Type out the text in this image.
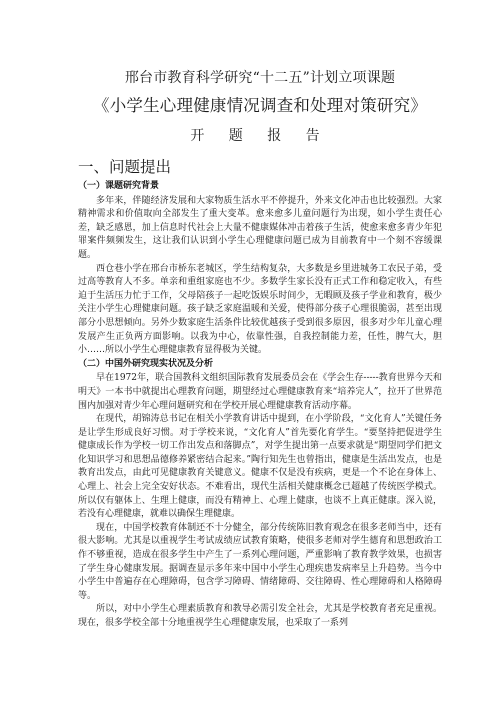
邢台市教育科学研究“十二五”计划立项课题
《小学生心理健康情况调查和处理对策研究》
开 题 报 告
一、问题提出
（一）课题研究背景

多年来，伴随经济发展和大家物质生活水平不停提升，外来文化冲击也比较强烈。大家精神需求和价值取向全部发生了重大变革。愈来愈多儿童问题行为出现，如小学生责任心差，缺乏感恩，加上信息时代社会上大量不健康媒体冲击着孩子生活，使愈来愈多青少年犯罪案件频频发生，这让我们认识到小学生心理健康问题已成为目前教育中一个刻不容缓课题。

西仓巷小学在邢台市桥东老城区，学生结构复杂，大多数是乡里进城务工农民子弟，受过高等教育人不多。单亲和重组家庭也不少。多数学生家长没有正式工作和稳定收入，有些迫于生活压力忙于工作，父母陪孩子一起吃饭娱乐时间少，无暇顾及孩子学业和教育，极少关注小学生心理健康问题。孩子缺乏家庭温暖和关爱，使得部分孩子心理很脆弱，甚至出现部分小思想倾向。另外少数家庭生活条件比较优越孩子受到很多原因，很多对少年儿童心理发展产生正负两方面影响。以我为中心，依靠性强，自我控制能力差，任性，脾气大，胆小……所以小学生心理健康教育显得极为关键。

（二）中国外研究现实状况及分析

早在1972年，联合国教科文组织国际教育发展委员会在《学会生存-----教育世界今天和明天》一本书中就提出心理教育问题，期望经过心理健康教育来“培养完人”，拉开了世界范围内加强对青少年心理问题研究和在学校开展心理健康教育活动序幕。

在现代，胡锦涛总书记在相关小学教育讲话中提到，在小学阶段，“文化育人”关键任务是让学生形成良好习惯。对于学校来说，“文化育人”首先要化育学生。“要坚持把促进学生健康成长作为学校一切工作出发点和落脚点”，对学生提出第一点要求就是“期望同学们把文化知识学习和思想品德修养紧密结合起来。”陶行知先生也曾指出，健康是生活出发点，也是教育出发点，由此可见健康教育关键意义。健康不仅是没有疾病，更是一个不论在身体上、心理上、社会上完全安好状态。不难看出，现代生活相关健康概念已超越了传统医学模式。所以仅有躯体上、生理上健康，而没有精神上、心理上健康，也谈不上真正健康。深入说，若没有心理健康，就难以确保生理健康。

现在，中国学校教育体制还不十分健全，部分传统陈旧教育观念在很多老师当中，还有很大影响。尤其是以重视学生考试成绩应试教育策略，使很多老师对学生德育和思想政治工作不够重视，造成在很多学生中产生了一系列心理问题，严重影响了教育教学效果，也损害了学生身心健康发展。据调查显示多年来中国中小学生心理疾患发病率呈上升趋势。当今中小学生中普遍存在心理障碍，包含学习障碍、情绪障碍、交往障碍、性心理障碍和人格障碍等。

所以，对中小学生心理素质教育和教导必需引发全社会，尤其是学校教育者充足重视。现在，很多学校全部十分地重视学生心理健康发展，也采取了一系列
